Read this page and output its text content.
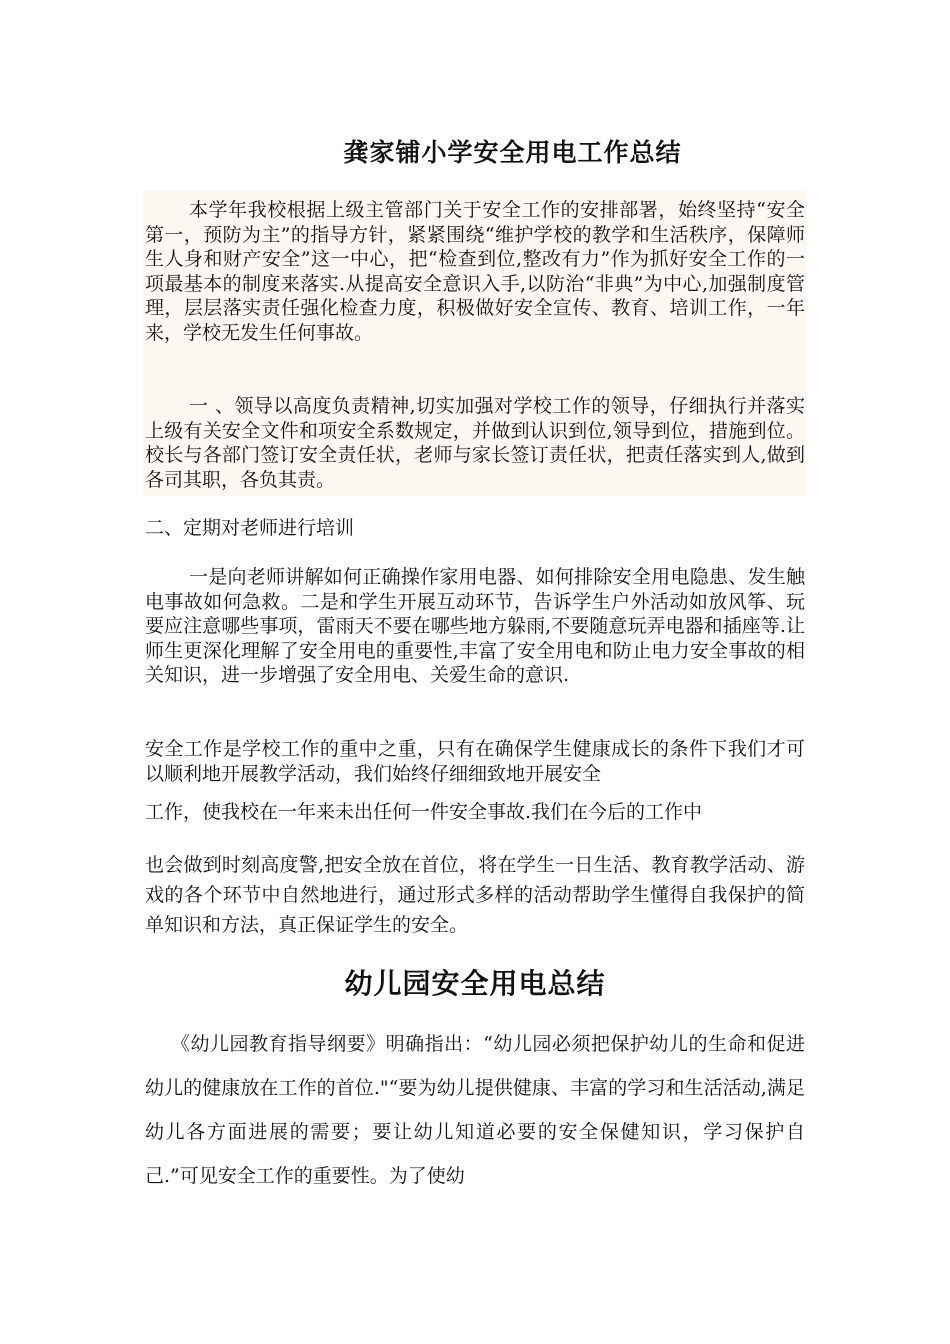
龚家铺小学安全用电工作总结

本学年我校根据上级主管部门关于安全工作的安排部署，始终坚持“安全第一，预防为主”的指导方针，紧紧围绕“维护学校的教学和生活秩序，保障师生人身和财产安全”这一中心，把“检查到位,整改有力”作为抓好安全工作的一项最基本的制度来落实.从提高安全意识入手,以防治“非典”为中心,加强制度管理，层层落实责任强化检查力度，积极做好安全宣传、教育、培训工作，一年来，学校无发生任何事故。

一 、领导以高度负责精神,切实加强对学校工作的领导，仔细执行并落实上级有关安全文件和项安全系数规定，并做到认识到位,领导到位，措施到位。校长与各部门签订安全责任状，老师与家长签订责任状，把责任落实到人,做到各司其职，各负其责。

二、定期对老师进行培训

一是向老师讲解如何正确操作家用电器、如何排除安全用电隐患、发生触电事故如何急救。二是和学生开展互动环节，告诉学生户外活动如放风筝、玩要应注意哪些事项，雷雨天不要在哪些地方躲雨,不要随意玩弄电器和插座等.让师生更深化理解了安全用电的重要性,丰富了安全用电和防止电力安全事故的相关知识，进一步增强了安全用电、关爱生命的意识.

安全工作是学校工作的重中之重，只有在确保学生健康成长的条件下我们才可以顺利地开展教学活动，我们始终仔细细致地开展安全
工作，使我校在一年来未出任何一件安全事故.我们在今后的工作中
也会做到时刻高度警,把安全放在首位，将在学生一日生活、教育教学活动、游戏的各个环节中自然地进行，通过形式多样的活动帮助学生懂得自我保护的简单知识和方法，真正保证学生的安全。
幼儿园安全用电总结

《幼儿园教育指导纲要》明确指出：“幼儿园必须把保护幼儿的生命和促进幼儿的健康放在工作的首位."“要为幼儿提供健康、丰富的学习和生活活动,满足幼儿各方面进展的需要；要让幼儿知道必要的安全保健知识，学习保护自己.”可见安全工作的重要性。为了使幼
